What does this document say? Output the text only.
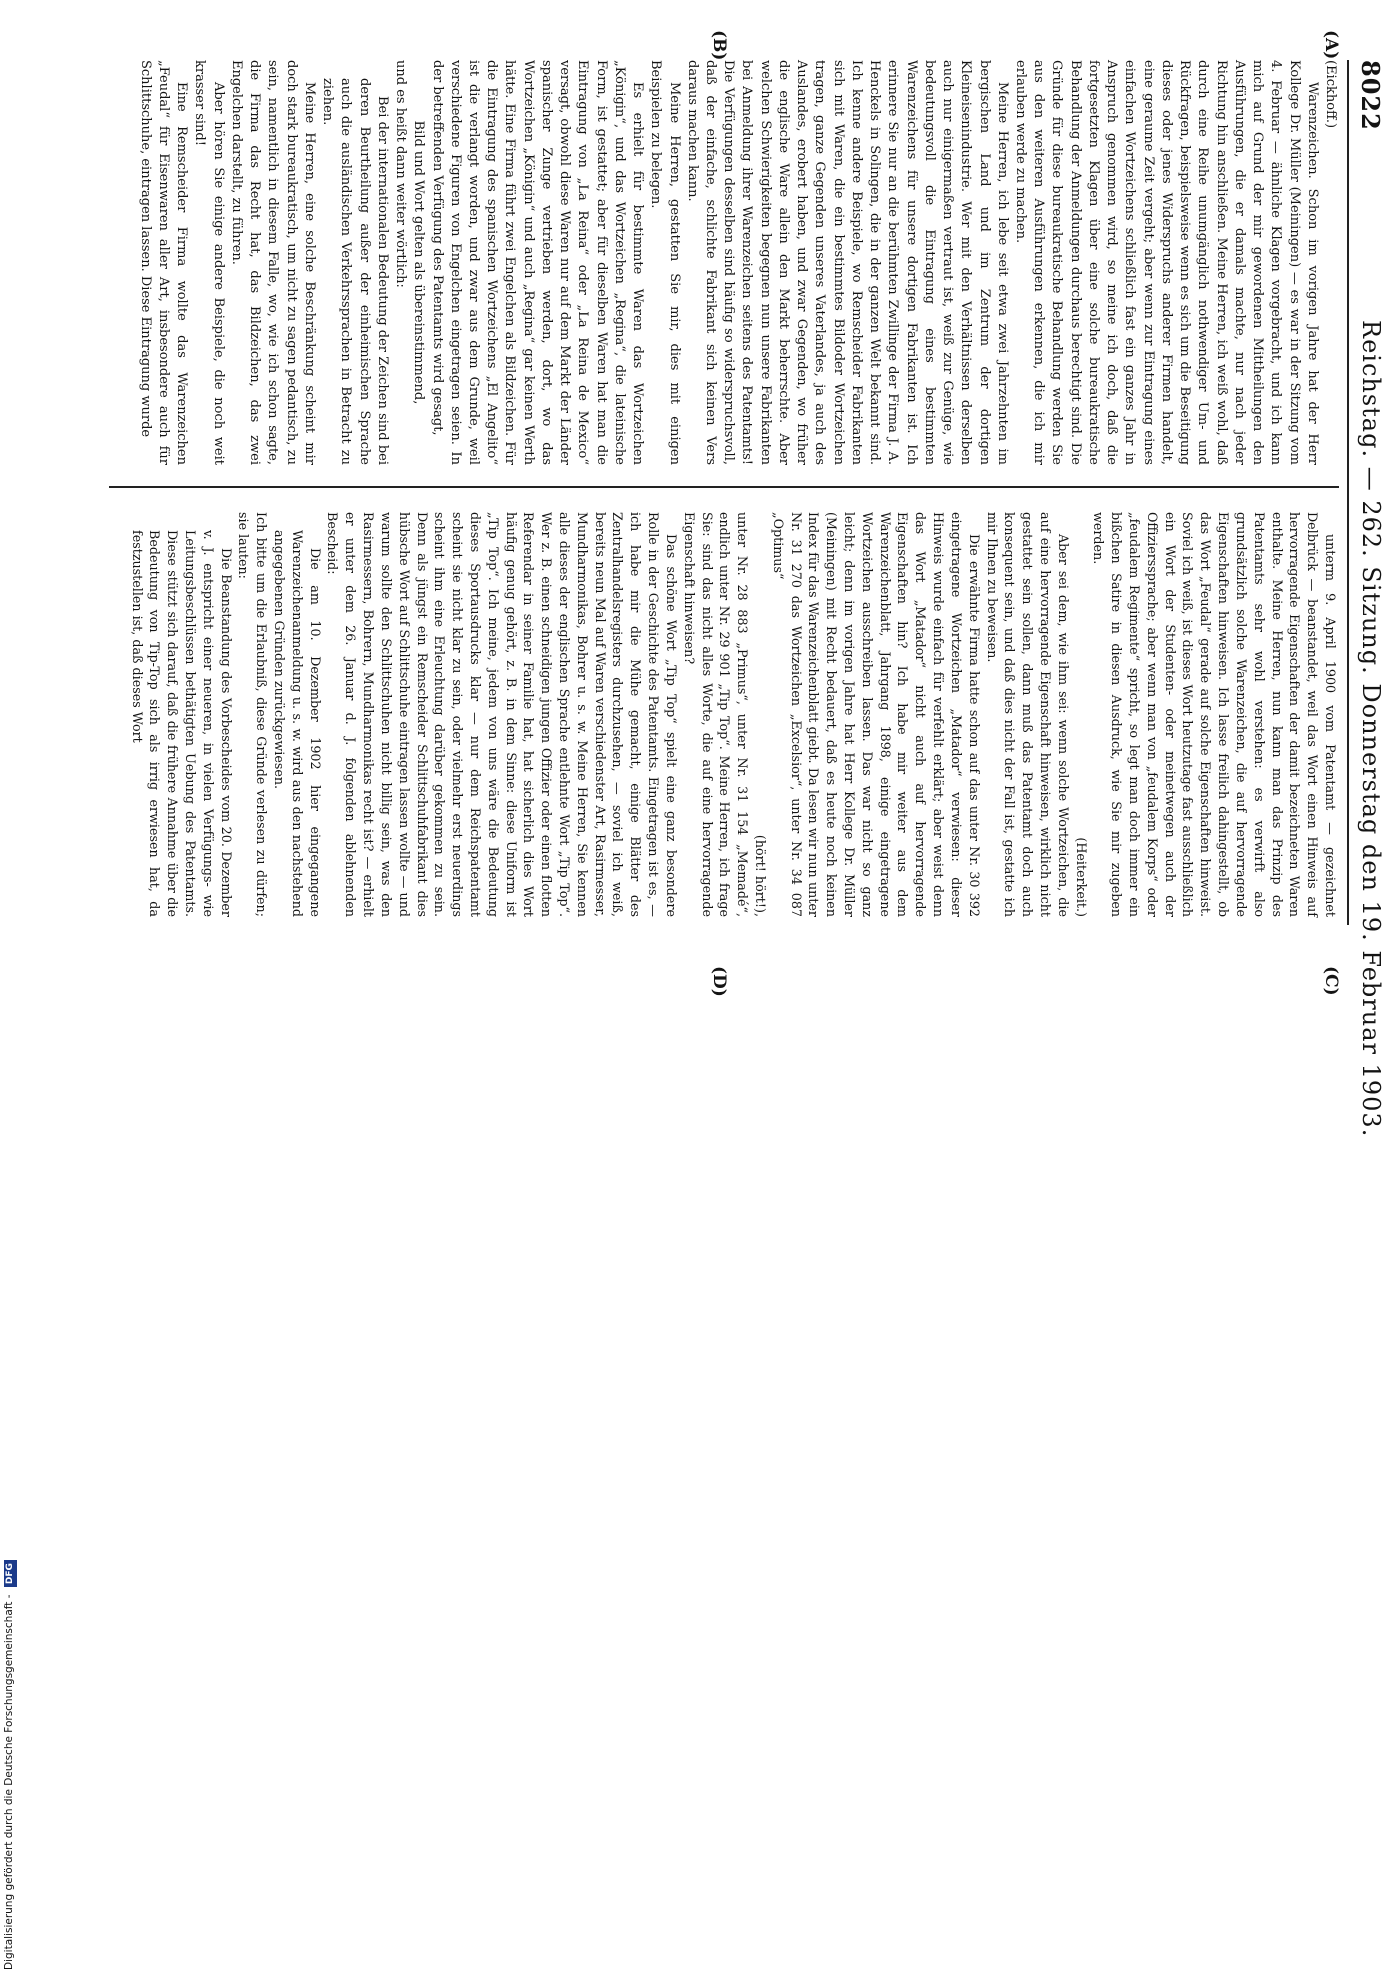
8022
Reichstag. — 262. Sitzung. Donnerstag den 19. Februar 1903.
(A)
(B)
(C)
(D)

(Eickhoff.)

Warenzeichen. Schon im vorigen Jahre hat der Herr Kollege Dr. Müller (Meiningen) — es war in der Sitzung vom 4. Februar — ähnliche Klagen vorgebracht, und ich kann mich auf Grund der mir gewordenen Mittheilungen den Ausführungen, die er damals machte, nur nach jeder Richtung hin anschließen. Meine Herren, ich weiß wohl, daß durch eine Reihe unumgänglich nothwendiger Um- und Rückfragen, beispielsweise wenn es sich um die Beseitigung dieses oder jenes Widerspruchs anderer Firmen handelt, eine geraume Zeit vergeht; aber wenn zur Eintragung eines einfachen Wortzeichens schließlich fast ein ganzes Jahr in Anspruch genommen wird, so meine ich doch, daß die fortgesetzten Klagen über eine solche bureaukratische Behandlung der Anmeldungen durchaus berechtigt sind. Die Gründe für diese bureaukratische Behandlung werden Sie aus den weiteren Ausführungen erkennen, die ich mir erlauben werde zu machen.

Meine Herren, ich lebe seit etwa zwei Jahrzehnten im bergischen Land und im Zentrum der dortigen Kleineisenindustrie. Wer mit den Verhältnissen derselben auch nur einigermaßen vertraut ist, weiß zur Genüge, wie bedeutungsvoll die Eintragung eines bestimmten Warenzeichens für unsere dortigen Fabrikanten ist. Ich erinnere Sie nur an die berühmten Zwillinge der Firma J. A. Henckels in Solingen, die in der ganzen Welt bekannt sind. Ich kenne andere Beispiele, wo Remscheider Fabrikanten sich mit Waren, die ein bestimmtes Bildoder Wortzeichen tragen, ganze Gegenden unseres Vaterlandes, ja auch des Auslandes, erobert haben, und zwar Gegenden, wo früher die englische Ware allein den Markt beherrschte. Aber welchen Schwierigkeiten begegnen nun unsere Fabrikanten bei Anmeldung ihrer Warenzeichen seitens des Patentamts! Die Verfügungen desselben sind häufig so widerspruchsvoll, daß der einfache, schlichte Fabrikant sich keinen Vers daraus machen kann.

Meine Herren, gestatten Sie mir, dies mit einigen Beispielen zu belegen.

Es erhielt für bestimmte Waren das Wortzeichen „Königin“, und das Wortzeichen „Regina“, die lateinische Form, ist gestattet; aber für dieselben Waren hat man die Eintragung von „La Reina“ oder „La Reina de Mexico“ versagt, obwohl diese Waren nur auf dem Markt der Länder spanischer Zunge vertrieben werden, dort, wo das Wortzeichen „Königin“ und auch „Regina“ gar keinen Werth hätte. Eine Firma führt zwei Engelchen als Bildzeichen. Für die Eintragung des spanischen Wortzeichens „El Angelito“ ist die verlangt worden, und zwar aus dem Grunde, weil verschiedene Figuren von Engelchen eingetragen seien. In der betreffenden Verfügung des Patentamts wird gesagt,

Bild und Wort gelten als übereinstimmend,

und es heißt dann weiter wörtlich:

Bei der internationalen Bedeutung der Zeichen sind bei deren Beurtheilung außer der einheimischen Sprache auch die ausländischen Verkehrssprachen in Betracht zu ziehen.

Meine Herren, eine solche Beschränkung scheint mir doch stark bureaukratisch, um nicht zu sagen pedantisch, zu sein, namentlich in diesem Falle, wo, wie ich schon sagte, die Firma das Recht hat, das Bildzeichen, das zwei Engelchen darstellt, zu führen.

Aber hören Sie einige andere Beispiele, die noch weit krasser sind!

Eine Remscheider Firma wollte das Warenzeichen „Feudal“ für Eisenwaren aller Art, insbesondere auch für Schlittschuhe, eintragen lassen. Diese Eintragung wurde

unterm 9. April 1900 vom Patentamt — gezeichnet Delbrück — beanstandet, weil das Wort einen Hinweis auf hervorragende Eigenschaften der damit bezeichneten Waren enthalte. Meine Herren, nun kann man das Prinzip des Patentamts sehr wohl verstehen: es verwirft also grundsätzlich solche Warenzeichen, die auf hervorragende Eigenschaften hinweisen. Ich lasse freilich dahingestellt, ob das Wort „Feudal“ gerade auf solche Eigenschaften hinweist. Soviel ich weiß, ist dieses Wort heutzutage fast ausschließlich ein Wort der Studenten- oder meinetwegen auch der Offizierssprache; aber wenn man von „feudalem Korps“ oder „feudalem Regimente“ spricht, so legt man doch immer ein bißchen Satire in diesen Ausdruck, wie Sie mir zugeben werden.

(Heiterkeit.)

Aber sei dem, wie ihm sei: wenn solche Wortzeichen, die auf eine hervorragende Eigenschaft hinweisen, wirklich nicht gestattet sein sollen, dann muß das Patentamt doch auch konsequent sein, und daß dies nicht der Fall ist, gestatte ich mir Ihnen zu beweisen.

Die erwähnte Firma hatte schon auf das unter Nr. 30 392 eingetragene Wortzeichen „Matador“ verwiesen: dieser Hinweis wurde einfach für verfehlt erklärt; aber weist denn das Wort „Matador“ nicht auch auf hervorragende Eigenschaften hin? Ich habe mir weiter aus dem Warenzeichenblatt, Jahrgang 1898, einige eingetragene Wortzeichen ausschreiben lassen. Das war nicht so ganz leicht; denn im vorigen Jahre hat Herr Kollege Dr. Müller (Meiningen) mit Recht bedauert, daß es heute noch keinen Index für das Warenzeichenblatt giebt. Da lesen wir nun unter Nr. 31 270 das Wortzeichen „Excelsior“, unter Nr. 34 087 „Optimus“

(hört! hört!),

unter Nr. 28 883 „Primus“, unter Nr. 31 154 „Memadé“, endlich unter Nr. 29 901 „Tip Top“. Meine Herren, ich frage Sie: sind das nicht alles Worte, die auf eine hervorragende Eigenschaft hinweisen?

Das schöne Wort „Tip Top“ spielt eine ganz besondere Rolle in der Geschichte des Patentamts. Eingetragen ist es, — ich habe mir die Mühe gemacht, einige Blätter des Zentralhandelsregisters durchzusehen, — soviel ich weiß, bereits neun Mal auf Waren verschiedenster Art, Rasirmesser, Mundharmonikas, Bohrer u. s. w. Meine Herren, Sie kennen alle dieses der englischen Sprache entlehnte Wort „Tip Top“. Wer z. B. einen schneidigen jungen Offizier oder einen flotten Referendar in seiner Familie hat, hat sicherlich dies Wort häufig genug gehört, z. B. in dem Sinne: diese Uniform ist „Tip Top“. Ich meine, jedem von uns wäre die Bedeutung dieses Sportausdrucks klar — nur dem Reichspatentamt scheint sie nicht klar zu sein, oder vielmehr erst neuerdings scheint ihm eine Erleuchtung darüber gekommen zu sein. Denn als jüngst ein Remscheider Schlittschuhfabrikant dies hübsche Wort auf Schlittschuhe eintragen lassen wollte — und warum sollte den Schlittschuhen nicht billig sein, was den Rasirmessern, Bohrern, Mundharmonikas recht ist? — erhielt er unter dem 26. Januar d. J. folgenden ablehnenden Bescheid:

Die am 10. Dezember 1902 hier eingegangene Warenzeichenanmeldung u. s. w. wird aus den nachstehend angegebenen Gründen zurückgewiesen.

Ich bitte um die Erlaubniß, diese Gründe verlesen zu dürfen; sie lauten:

Die Beanstandung des Vorbescheides vom 20. Dezember v. J. entspricht einer neueren, in vielen Verfügungs- wie Leitungsbeschlüssen bethätigten Uebung des Patentamts. Diese stützt sich darauf, daß die frühere Annahme über die Bedeutung von Tip-Top sich als irrig erwiesen hat, da festzustellen ist, daß dieses Wort

Digitalisierung gefördert durch die Deutsche Forschungsgemeinschaft - DFG
